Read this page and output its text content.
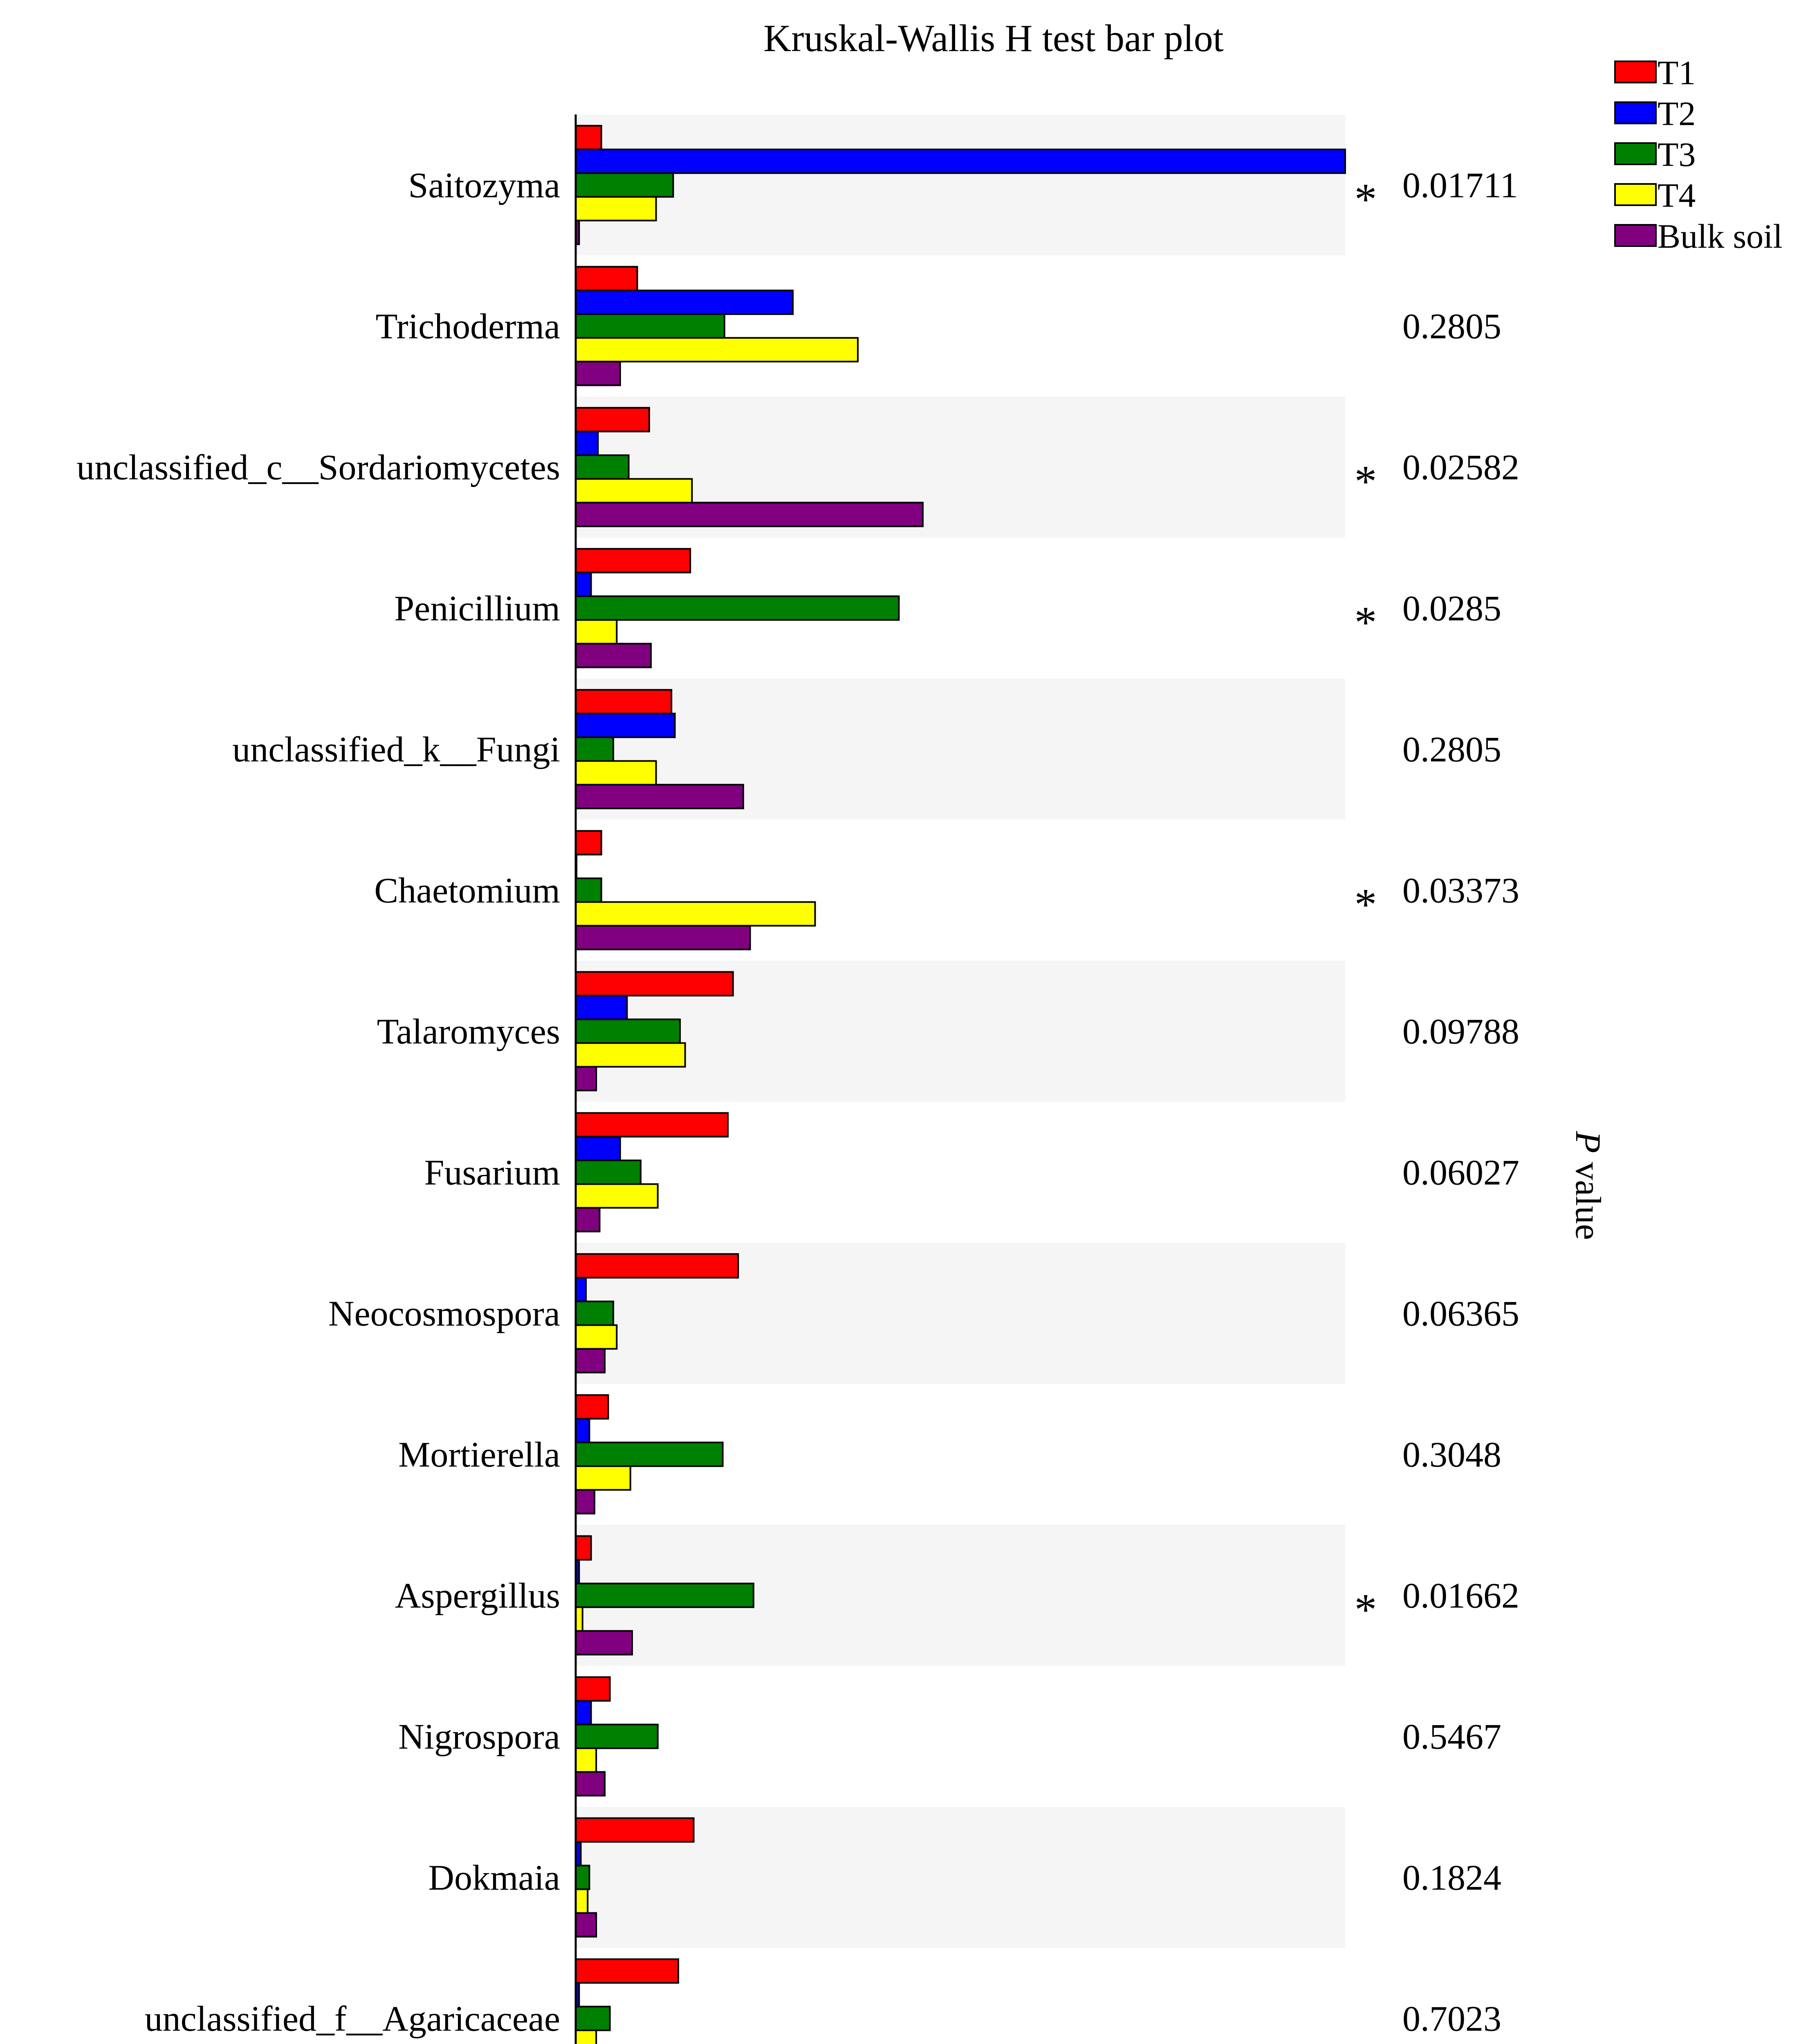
Saitozyma
Trichoderma
unclassified_c__Sordariomycetes
Penicillium
unclassified_k__Fungi
Chaetomium
Talaromyces
Fusarium
Neocosmospora
Mortierella
Aspergillus
Nigrospora
Dokmaia
unclassified_f__Agaricaceae
* 0.01711
0.2805
* 0.02582
* 0.0285
0.2805
* 0.03373
0.09788
0.06027
0.06365
0.3048
* 0.01662
0.5467
0.1824
0.7023
Kruskal-Wallis H test bar plot
P value
T1
T2
T3
T4
Bulk soil
